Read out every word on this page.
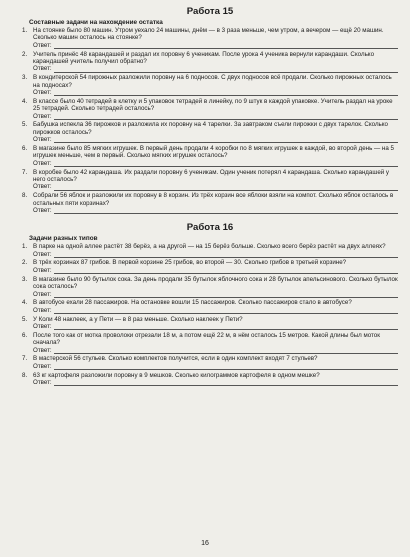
Работа 15
Составные задачи на нахождение остатка
1. На стоянке было 80 машин. Утром уехало 24 машины, днём — в 3 раза меньше, чем утром, а вечером — ещё 20 машин. Сколько машин осталось на стоянке?
Ответ:
2. Учитель принёс 48 карандашей и раздал их поровну 6 ученикам. После урока 4 ученика вернули карандаши. Сколько карандашей учитель получил обратно?
Ответ:
3. В кондитерской 54 пирожных разложили поровну на 6 подносов. С двух подносов всё продали. Сколько пирожных осталось на подносах?
Ответ:
4. В классе было 40 тетрадей в клетку и 5 упаковок тетрадей в линейку, по 9 штук в каждой упаковке. Учитель раздал на уроке 25 тетрадей. Сколько тетрадей осталось?
Ответ:
5. Бабушка испекла 36 пирожков и разложила их поровну на 4 тарелки. За завтраком съели пирожки с двух тарелок. Сколько пирожков осталось?
Ответ:
6. В магазине было 85 мягких игрушек. В первый день продали 4 коробки по 8 мягких игрушек в каждой, во второй день — на 5 игрушек меньше, чем в первый. Сколько мягких игрушек осталось?
Ответ:
7. В коробке было 42 карандаша. Их раздали поровну 6 ученикам. Один ученик потерял 4 карандаша. Сколько карандашей у него осталось?
Ответ:
8. Собрали 56 яблок и разложили их поровну в 8 корзин. Из трёх корзин все яблоки взяли на компот. Сколько яблок осталось в остальных пяти корзинах?
Ответ:
Работа 16
Задачи разных типов
1. В парке на одной аллее растёт 38 берёз, а на другой — на 15 берёз больше. Сколько всего берёз растёт на двух аллеях?
Ответ:
2. В трёх корзинах 87 грибов. В первой корзине 25 грибов, во второй — 30. Сколько грибов в третьей корзине?
Ответ:
3. В магазине было 90 бутылок сока. За день продали 35 бутылок яблочного сока и 28 бутылок апельсинового. Сколько бутылок сока осталось?
Ответ:
4. В автобусе ехали 28 пассажиров. На остановке вошли 15 пассажиров. Сколько пассажиров стало в автобусе?
Ответ:
5. У Коли 48 наклеек, а у Пети — в 8 раз меньше. Сколько наклеек у Пети?
Ответ:
6. После того как от мотка проволоки отрезали 18 м, а потом ещё 22 м, в нём осталось 15 метров. Какой длины был моток сначала?
Ответ:
7. В мастерской 56 стульев. Сколько комплектов получится, если в один комплект входят 7 стульев?
Ответ:
8. 63 кг картофеля разложили поровну в 9 мешков. Сколько килограммов картофеля в одном мешке?
Ответ:
16
